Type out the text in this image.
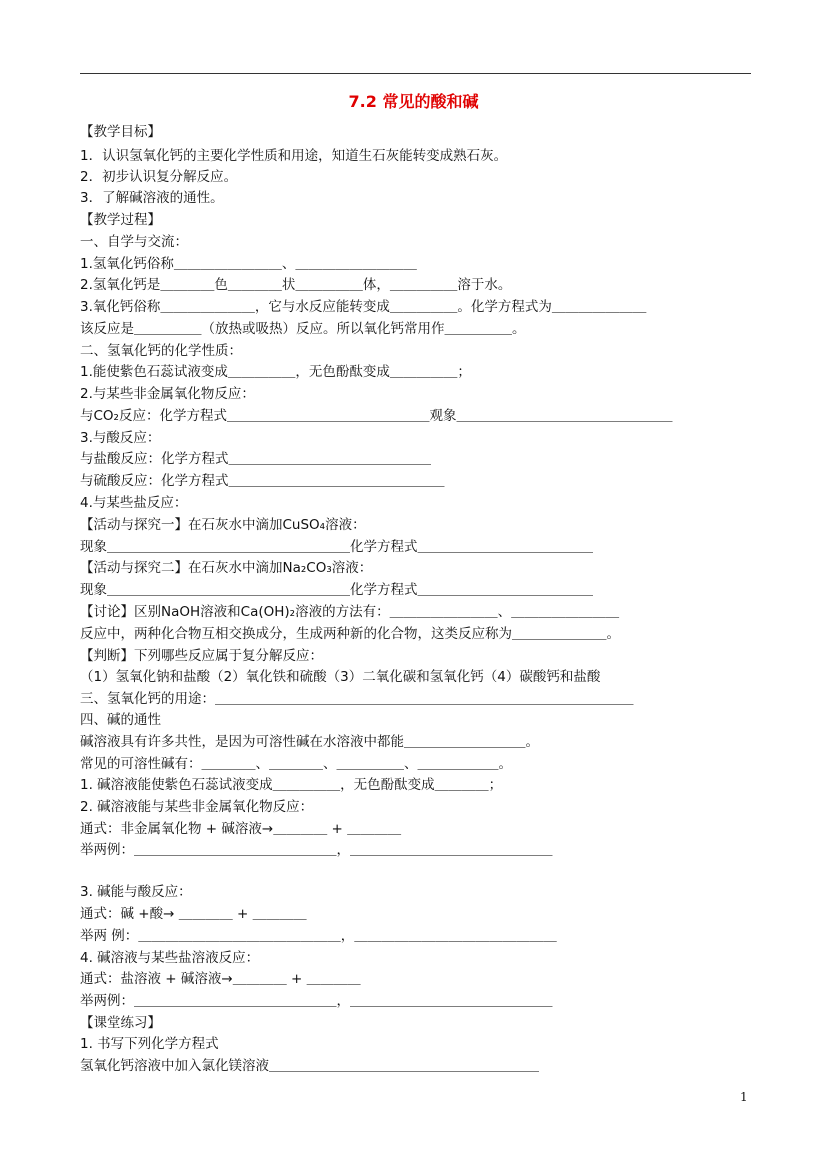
7.2 常见的酸和碱
【教学目标】
1．认识氢氧化钙的主要化学性质和用途，知道生石灰能转变成熟石灰。
2．初步认识复分解反应。
3．了解碱溶液的通性。
【教学过程】
一、自学与交流：
1.氢氧化钙俗称＿＿＿＿＿＿＿＿、＿＿＿＿＿＿＿＿＿
2.氢氧化钙是＿＿＿＿色＿＿＿＿状＿＿＿＿＿体，＿＿＿＿＿溶于水。
3.氧化钙俗称＿＿＿＿＿＿＿，它与水反应能转变成＿＿＿＿＿。化学方程式为＿＿＿＿＿＿＿
该反应是＿＿＿＿＿（放热或吸热）反应。所以氧化钙常用作＿＿＿＿＿。
二、氢氧化钙的化学性质：
1.能使紫色石蕊试液变成＿＿＿＿＿，无色酚酞变成＿＿＿＿＿；
2.与某些非金属氧化物反应：
与CO₂反应：化学方程式＿＿＿＿＿＿＿＿＿＿＿＿＿＿＿观象＿＿＿＿＿＿＿＿＿＿＿＿＿＿＿＿
3.与酸反应：
与盐酸反应：化学方程式＿＿＿＿＿＿＿＿＿＿＿＿＿＿＿
与硫酸反应：化学方程式＿＿＿＿＿＿＿＿＿＿＿＿＿＿＿＿
4.与某些盐反应：
【活动与探究一】在石灰水中滴加CuSO₄溶液：
现象＿＿＿＿＿＿＿＿＿＿＿＿＿＿＿＿＿＿化学方程式＿＿＿＿＿＿＿＿＿＿＿＿＿
【活动与探究二】在石灰水中滴加Na₂CO₃溶液：
现象＿＿＿＿＿＿＿＿＿＿＿＿＿＿＿＿＿＿化学方程式＿＿＿＿＿＿＿＿＿＿＿＿＿
【讨论】区别NaOH溶液和Ca(OH)₂溶液的方法有：＿＿＿＿＿＿＿＿、＿＿＿＿＿＿＿＿
反应中，两种化合物互相交换成分，生成两种新的化合物，这类反应称为＿＿＿＿＿＿＿。
【判断】下列哪些反应属于复分解反应：
（1）氢氧化钠和盐酸（2）氧化铁和硫酸（3）二氧化碳和氢氧化钙（4）碳酸钙和盐酸
三、氢氧化钙的用途：＿＿＿＿＿＿＿＿＿＿＿＿＿＿＿＿＿＿＿＿＿＿＿＿＿＿＿＿＿＿＿
四、碱的通性
碱溶液具有许多共性，是因为可溶性碱在水溶液中都能＿＿＿＿＿＿＿＿＿。
常见的可溶性碱有：＿＿＿＿、＿＿＿＿、＿＿＿＿＿、＿＿＿＿＿＿。
1. 碱溶液能使紫色石蕊试液变成＿＿＿＿＿，无色酚酞变成＿＿＿＿；
2. 碱溶液能与某些非金属氧化物反应：
通式：非金属氧化物 + 碱溶液→＿＿＿＿ + ＿＿＿＿
举两例：＿＿＿＿＿＿＿＿＿＿＿＿＿＿＿，＿＿＿＿＿＿＿＿＿＿＿＿＿＿＿
3. 碱能与酸反应：
通式：碱 +酸→ ＿＿＿＿ + ＿＿＿＿
举两 例：＿＿＿＿＿＿＿＿＿＿＿＿＿＿＿，＿＿＿＿＿＿＿＿＿＿＿＿＿＿＿
4. 碱溶液与某些盐溶液反应：
通式：盐溶液 + 碱溶液→＿＿＿＿ + ＿＿＿＿
举两例：＿＿＿＿＿＿＿＿＿＿＿＿＿＿＿，＿＿＿＿＿＿＿＿＿＿＿＿＿＿＿
【课堂练习】
1. 书写下列化学方程式
氢氧化钙溶液中加入氯化镁溶液＿＿＿＿＿＿＿＿＿＿＿＿＿＿＿＿＿＿＿＿
1
